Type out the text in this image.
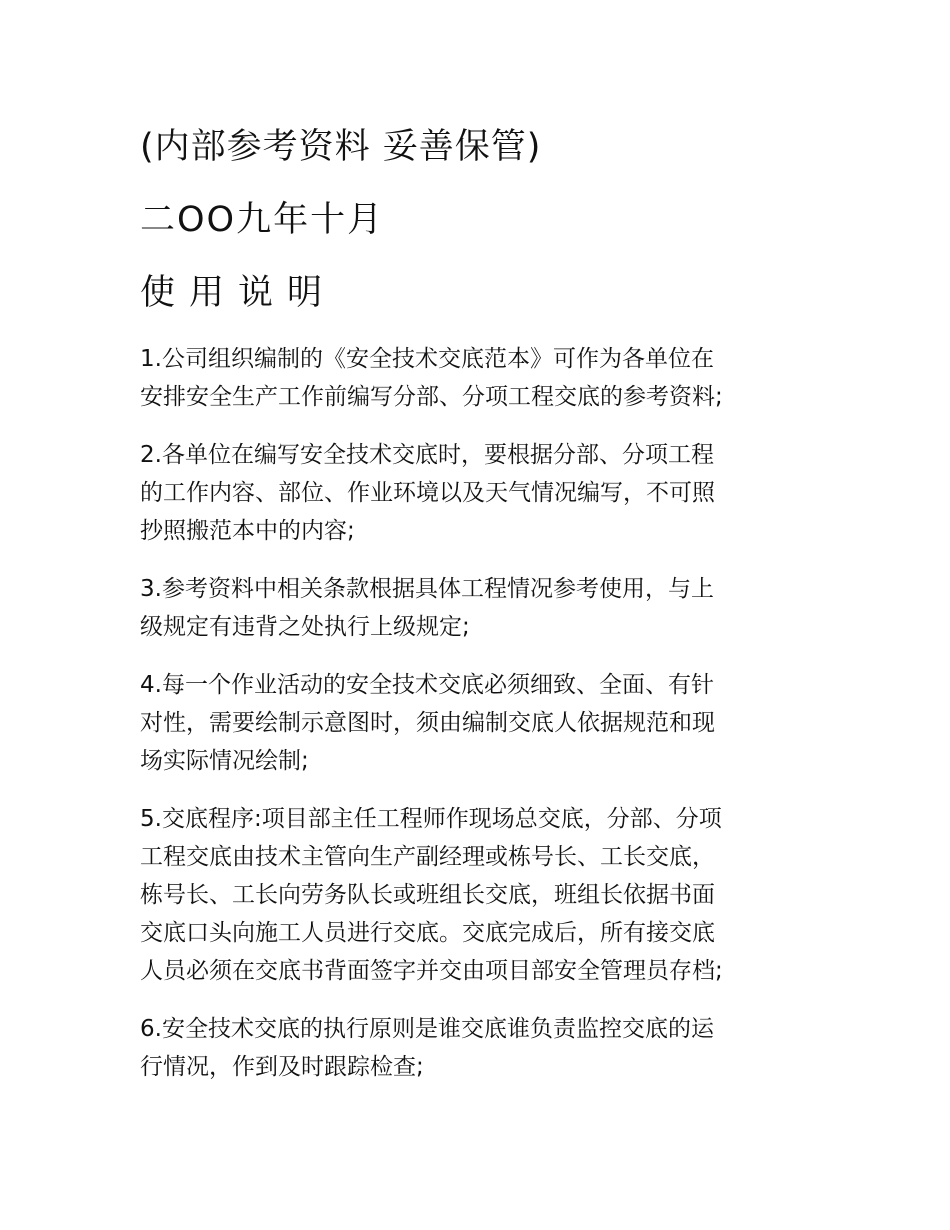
(内部参考资料 妥善保管)
二OO九年十月
使用说明
1.公司组织编制的《安全技术交底范本》可作为各单位在
安排安全生产工作前编写分部、分项工程交底的参考资料;
2.各单位在编写安全技术交底时，要根据分部、分项工程
的工作内容、部位、作业环境以及天气情况编写，不可照
抄照搬范本中的内容;
3.参考资料中相关条款根据具体工程情况参考使用，与上
级规定有违背之处执行上级规定;
4.每一个作业活动的安全技术交底必须细致、全面、有针
对性，需要绘制示意图时，须由编制交底人依据规范和现
场实际情况绘制;
5.交底程序:项目部主任工程师作现场总交底，分部、分项
工程交底由技术主管向生产副经理或栋号长、工长交底，
栋号长、工长向劳务队长或班组长交底，班组长依据书面
交底口头向施工人员进行交底。交底完成后，所有接交底
人员必须在交底书背面签字并交由项目部安全管理员存档;
6.安全技术交底的执行原则是谁交底谁负责监控交底的运
行情况，作到及时跟踪检查;
